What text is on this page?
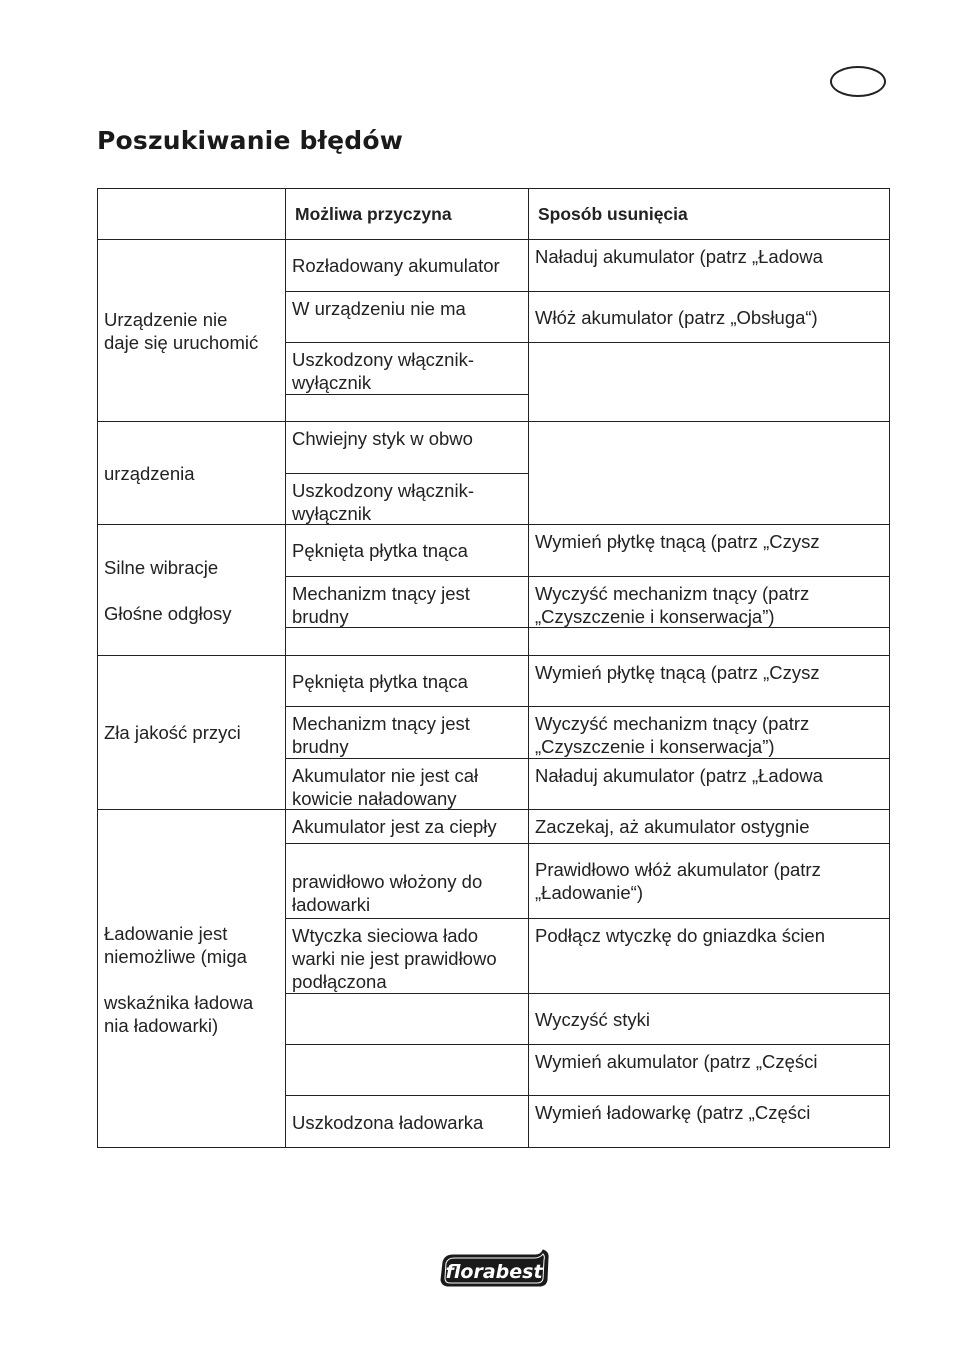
Poszukiwanie błędów
Możliwa przyczyna	Sposób usunięcia
Urządzenie nie
daje się uruchomić
Rozładowany akumulator
W urządzeniu nie ma
Uszkodzony włącznik-
wyłącznik
Naładuj akumulator (patrz „Ładowa
Włóż akumulator (patrz „Obsługa“)
urządzenia
Chwiejny styk w obwo
Uszkodzony włącznik-
wyłącznik
Silne wibracje
Głośne odgłosy
Pęknięta płytka tnąca
Mechanizm tnący jest
brudny
Wymień płytkę tnącą (patrz „Czysz
Wyczyść mechanizm tnący (patrz
„Czyszczenie i konserwacja”)
Zła jakość przyci
Pęknięta płytka tnąca
Mechanizm tnący jest
brudny
Akumulator nie jest cał
kowicie naładowany
Wymień płytkę tnącą (patrz „Czysz
Wyczyść mechanizm tnący (patrz
„Czyszczenie i konserwacja”)
Naładuj akumulator (patrz „Ładowa
Ładowanie jest
niemożliwe (miga
wskaźnika ładowa
nia ładowarki)
Akumulator jest za ciepły
prawidłowo włożony do
ładowarki
Wtyczka sieciowa łado
warki nie jest prawidłowo
podłączona
Uszkodzona ładowarka
Zaczekaj, aż akumulator ostygnie
Prawidłowo włóż akumulator (patrz
„Ładowanie“)
Podłącz wtyczkę do gniazdka ścien
Wyczyść styki
Wymień akumulator (patrz „Części
Wymień ładowarkę (patrz „Części
florabest
